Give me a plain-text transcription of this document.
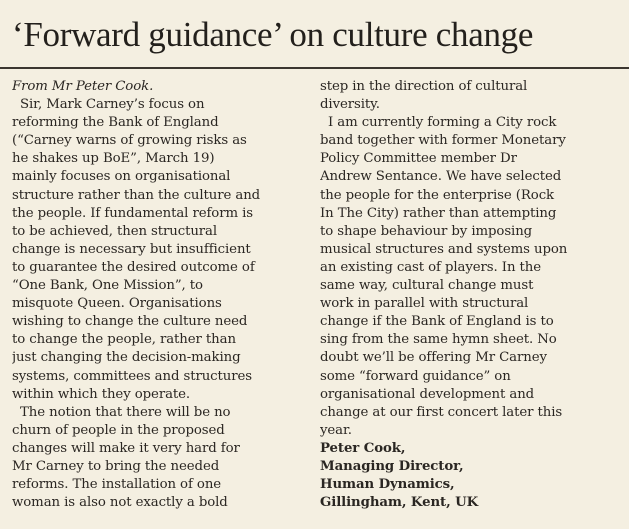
‘Forward guidance’ on culture change
From Mr Peter Cook.
Sir, Mark Carney’s focus on
reforming the Bank of England
(“Carney warns of growing risks as
he shakes up BoE”, March 19)
mainly focuses on organisational
structure rather than the culture and
the people. If fundamental reform is
to be achieved, then structural
change is necessary but insufficient
to guarantee the desired outcome of
“One Bank, One Mission”, to
misquote Queen. Organisations
wishing to change the culture need
to change the people, rather than
just changing the decision-making
systems, committees and structures
within which they operate.
The notion that there will be no
churn of people in the proposed
changes will make it very hard for
Mr Carney to bring the needed
reforms. The installation of one
woman is also not exactly a bold
step in the direction of cultural
diversity.
I am currently forming a City rock
band together with former Monetary
Policy Committee member Dr
Andrew Sentance. We have selected
the people for the enterprise (Rock
In The City) rather than attempting
to shape behaviour by imposing
musical structures and systems upon
an existing cast of players. In the
same way, cultural change must
work in parallel with structural
change if the Bank of England is to
sing from the same hymn sheet. No
doubt we’ll be offering Mr Carney
some “forward guidance” on
organisational development and
change at our first concert later this
year.
Peter Cook,
Managing Director,
Human Dynamics,
Gillingham, Kent, UK
